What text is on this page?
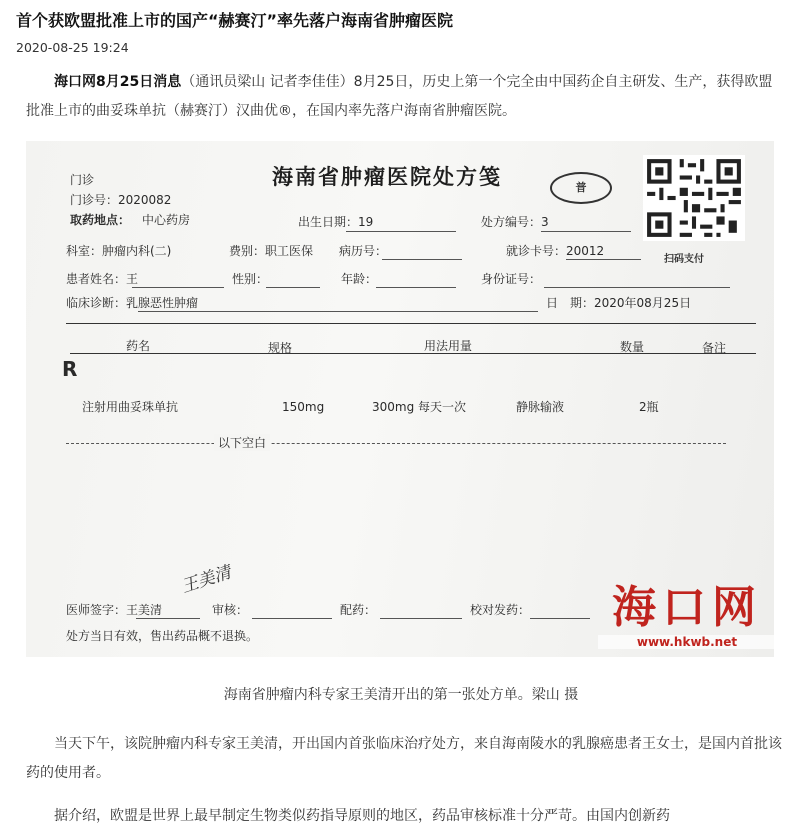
首个获欧盟批准上市的国产“赫赛汀”率先落户海南省肿瘤医院
2020-08-25 19:24
海口网8月25日消息（通讯员梁山 记者李佳佳）8月25日，历史上第一个完全由中国药企自主研发、生产，获得欧盟批准上市的曲妥珠单抗（赫赛汀）汉曲优®，在国内率先落户海南省肿瘤医院。
海南省肿瘤医院处方笺	普
扫码支付
门诊
门诊号：2020082
取药地点： 中心药房	出生日期：19	处方编号：3
科室：肿瘤内科(二)	费别：职工医保 病历号：	就诊卡号：20012
患者姓名：王	性别：	年龄：	身份证号：
临床诊断：乳腺恶性肿瘤	日　期：2020年08月25日
药名	规格	用法用量	数量	备注
R
注射用曲妥珠单抗	150mg	300mg 每天一次	静脉输液	2瓶
以下空白
王美清
医师签字：王美清	审核：	配药：	校对发药：
处方当日有效，售出药品概不退换。
海口网
www.hkwb.net
海南省肿瘤内科专家王美清开出的第一张处方单。梁山 摄
当天下午，该院肿瘤内科专家王美清，开出国内首张临床治疗处方，来自海南陵水的乳腺癌患者王女士，是国内首批该药的使用者。
据介绍，欧盟是世界上最早制定生物类似药指导原则的地区，药品审核标准十分严苛。由国内创新药
